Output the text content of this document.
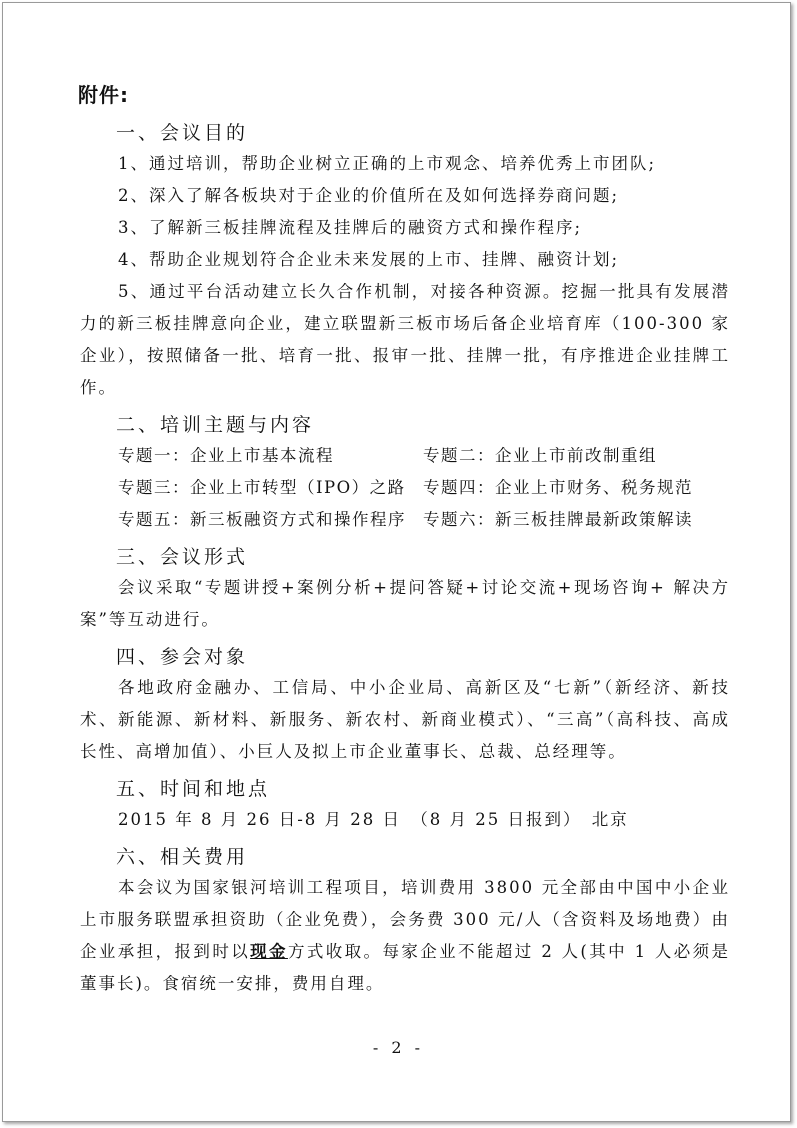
附件:

一、会议目的

1、通过培训，帮助企业树立正确的上市观念、培养优秀上市团队;

2、深入了解各板块对于企业的价值所在及如何选择券商问题;

3、了解新三板挂牌流程及挂牌后的融资方式和操作程序;

4、帮助企业规划符合企业未来发展的上市、挂牌、融资计划;

5、通过平台活动建立长久合作机制，对接各种资源。挖掘一批具有发展潜力的新三板挂牌意向企业，建立联盟新三板市场后备企业培育库（100-300 家企业），按照储备一批、培育一批、报审一批、挂牌一批，有序推进企业挂牌工作。

二、培训主题与内容

专题一：企业上市基本流程	专题二：企业上市前改制重组
专题三：企业上市转型（IPO）之路	专题四：企业上市财务、税务规范
专题五：新三板融资方式和操作程序	专题六：新三板挂牌最新政策解读

三、会议形式

会议采取“专题讲授+案例分析+提问答疑+讨论交流+现场咨询+ 解决方案”等互动进行。

四、参会对象

各地政府金融办、工信局、中小企业局、高新区及“七新”（新经济、新技术、新能源、新材料、新服务、新农村、新商业模式）、“三高”（高科技、高成长性、高增加值）、小巨人及拟上市企业董事长、总裁、总经理等。

五、时间和地点

2015 年 8 月 26 日-8 月 28 日　（8 月 25 日报到）　北京

六、相关费用

本会议为国家银河培训工程项目，培训费用 3800 元全部由中国中小企业上市服务联盟承担资助（企业免费），会务费 300 元/人（含资料及场地费）由企业承担，报到时以现金方式收取。每家企业不能超过 2 人(其中 1 人必须是董事长)。食宿统一安排，费用自理。

- 2 -
